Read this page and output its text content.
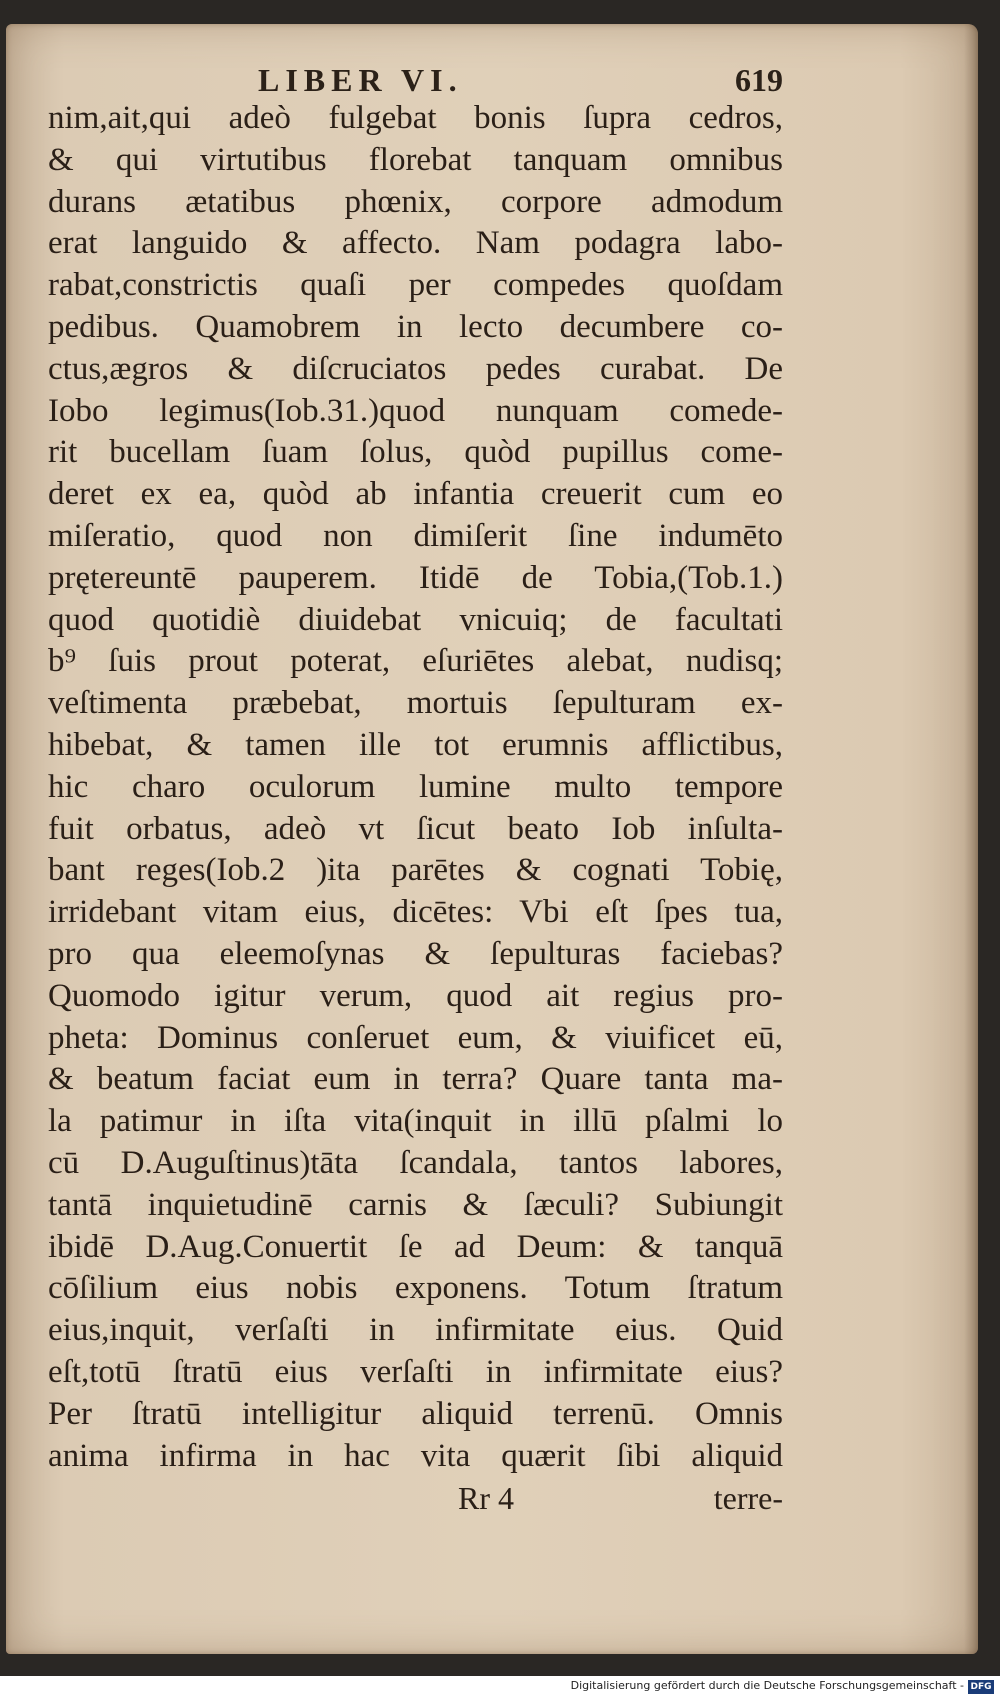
LIBER VI.	619
nim,ait,qui adeò fulgebat bonis ſupra cedros,
& qui virtutibus florebat tanquam omnibus
durans ætatibus phœnix, corpore admodum
erat languido & affecto. Nam podagra labo-
rabat,constrictis quaſi per compedes quoſdam
pedibus. Quamobrem in lecto decumbere co-
ctus,ægros & diſcruciatos pedes curabat. De
Iobo legimus(Iob.31.)quod nunquam comede-
rit bucellam ſuam ſolus, quòd pupillus come-
deret ex ea, quòd ab infantia creuerit cum eo
miſeratio, quod non dimiſerit ſine indumēto
prętereuntē pauperem. Itidē de Tobia,(Tob.1.)
quod quotidiè diuidebat vnicuiq; de facultati
b⁹ ſuis prout poterat, eſuriētes alebat, nudisq;
veſtimenta præbebat, mortuis ſepulturam ex-
hibebat, & tamen ille tot erumnis afflictibus,
hic charo oculorum lumine multo tempore
fuit orbatus, adeò vt ſicut beato Iob inſulta-
bant reges(Iob.2 )ita parētes & cognati Tobię,
irridebant vitam eius, dicētes: Vbi eſt ſpes tua,
pro qua eleemoſynas & ſepulturas faciebas?
Quomodo igitur verum, quod ait regius pro-
pheta: Dominus conſeruet eum, & viuificet eū,
& beatum faciat eum in terra? Quare tanta ma-
la patimur in iſta vita(inquit in illū pſalmi lo
cū D.Auguſtinus)tāta ſcandala, tantos labores,
tantā inquietudinē carnis & ſæculi? Subiungit
ibidē D.Aug.Conuertit ſe ad Deum: & tanquā
cōſilium eius nobis exponens. Totum ſtratum
eius,inquit, verſaſti in infirmitate eius. Quid
eſt,totū ſtratū eius verſaſti in infirmitate eius?
Per ſtratū intelligitur aliquid terrenū. Omnis
anima infirma in hac vita quærit ſibi aliquid
Rr 4	terre-
Digitalisierung gefördert durch die Deutsche Forschungsgemeinschaft - DFG
